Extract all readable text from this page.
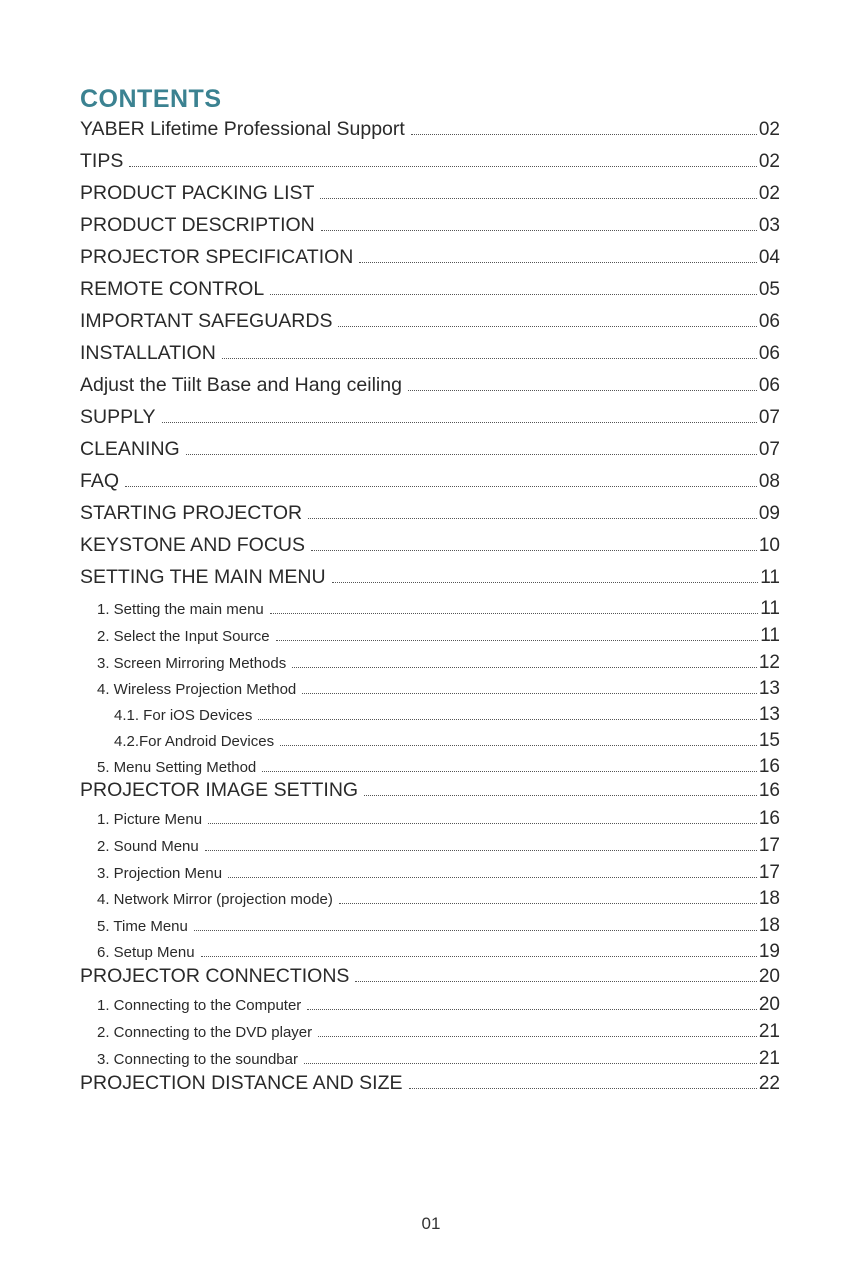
CONTENTS
YABER Lifetime Professional Support	02
TIPS	02
PRODUCT PACKING LIST	02
PRODUCT DESCRIPTION	03
PROJECTOR SPECIFICATION	04
REMOTE CONTROL	05
IMPORTANT SAFEGUARDS	06
INSTALLATION	06
Adjust the Tiilt Base and Hang ceiling	06
SUPPLY	07
CLEANING	07
FAQ	08
STARTING PROJECTOR	09
KEYSTONE AND FOCUS	10
SETTING THE MAIN MENU	11
1. Setting the main menu	11
2. Select the Input Source	11
3. Screen Mirroring Methods	12
4. Wireless Projection Method	13
4.1. For iOS Devices	13
4.2.For Android Devices	15
5. Menu Setting Method	16
PROJECTOR IMAGE SETTING	16
1. Picture Menu	16
2. Sound Menu	17
3. Projection Menu	17
4. Network Mirror (projection mode)	18
5. Time Menu	18
6. Setup Menu	19
PROJECTOR CONNECTIONS	20
1. Connecting to the Computer	20
2. Connecting to the DVD player	21
3. Connecting to the soundbar	21
PROJECTION DISTANCE AND SIZE	22
01
